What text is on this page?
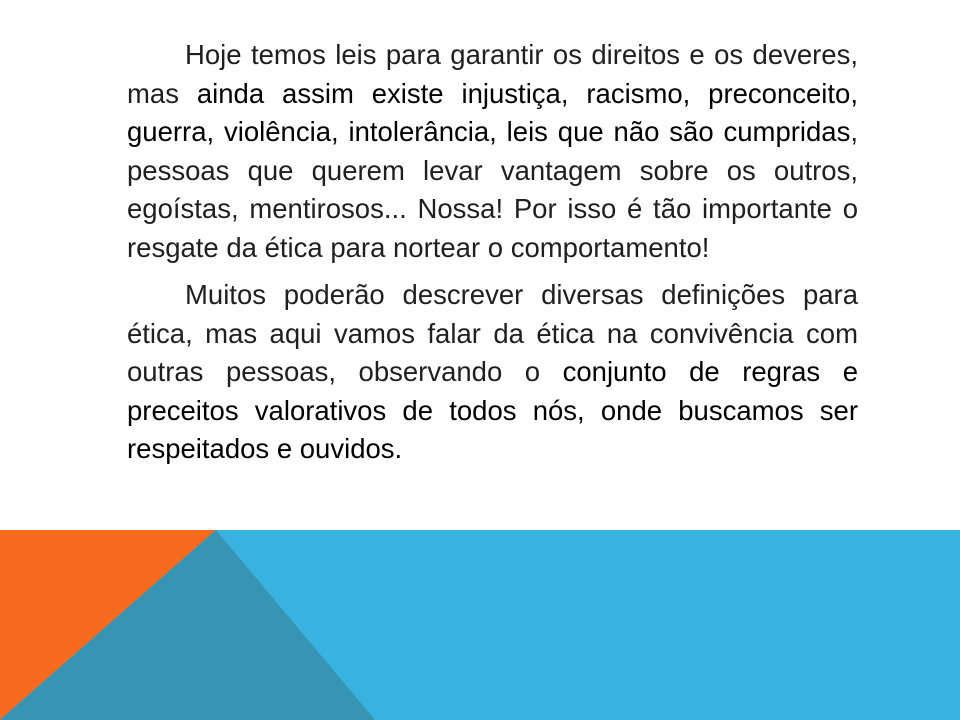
Hoje temos leis para garantir os direitos e os deveres, mas ainda assim existe injustiça, racismo, preconceito, guerra, violência, intolerância, leis que não são cumpridas, pessoas que querem levar vantagem sobre os outros, egoístas, mentirosos... Nossa! Por isso é tão importante o resgate da ética para nortear o comportamento!

Muitos poderão descrever diversas definições para ética, mas aqui vamos falar da ética na convivência com outras pessoas, observando o conjunto de regras e preceitos valorativos de todos nós, onde buscamos ser respeitados e ouvidos.
